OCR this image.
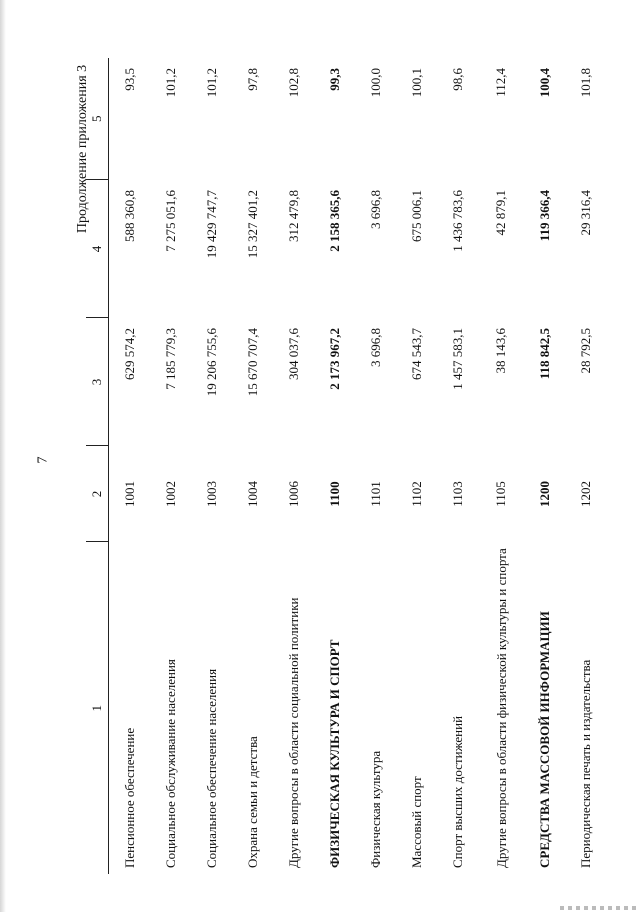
7
Продолжение приложения 3
1	2	3	4	5
Пенсионное обеспечение	1001	629 574,2	588 360,8	93,5
Социальное обслуживание населения	1002	7 185 779,3	7 275 051,6	101,2
Социальное обеспечение населения	1003	19 206 755,6	19 429 747,7	101,2
Охрана семьи и детства	1004	15 670 707,4	15 327 401,2	97,8
Другие вопросы в области социальной политики	1006	304 037,6	312 479,8	102,8
ФИЗИЧЕСКАЯ КУЛЬТУРА И СПОРТ	1100	2 173 967,2	2 158 365,6	99,3
Физическая культура	1101	3 696,8	3 696,8	100,0
Массовый спорт	1102	674 543,7	675 006,1	100,1
Спорт высших достижений	1103	1 457 583,1	1 436 783,6	98,6
Другие вопросы в области физической культуры и спорта	1105	38 143,6	42 879,1	112,4
СРЕДСТВА МАССОВОЙ ИНФОРМАЦИИ	1200	118 842,5	119 366,4	100,4
Периодическая печать и издательства	1202	28 792,5	29 316,4	101,8
